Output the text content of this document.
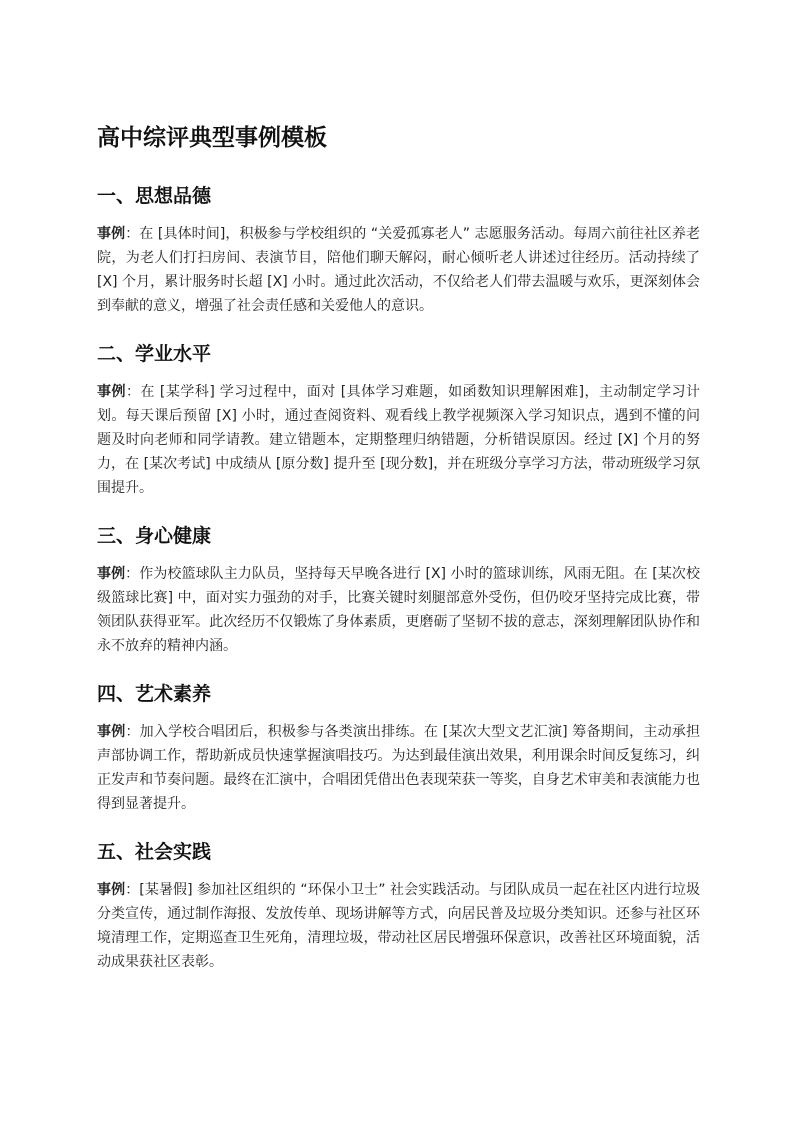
高中综评典型事例模板
一、思想品德

事例：在 [具体时间]，积极参与学校组织的 “关爱孤寡老人” 志愿服务活动。每周六前往社区养老院，为老人们打扫房间、表演节目，陪他们聊天解闷，耐心倾听老人讲述过往经历。活动持续了 [X] 个月，累计服务时长超 [X] 小时。通过此次活动，不仅给老人们带去温暖与欢乐，更深刻体会到奉献的意义，增强了社会责任感和关爱他人的意识。

二、学业水平

事例：在 [某学科] 学习过程中，面对 [具体学习难题，如函数知识理解困难]，主动制定学习计划。每天课后预留 [X] 小时，通过查阅资料、观看线上教学视频深入学习知识点，遇到不懂的问题及时向老师和同学请教。建立错题本，定期整理归纳错题，分析错误原因。经过 [X] 个月的努力，在 [某次考试] 中成绩从 [原分数] 提升至 [现分数]，并在班级分享学习方法，带动班级学习氛围提升。

三、身心健康

事例：作为校篮球队主力队员，坚持每天早晚各进行 [X] 小时的篮球训练，风雨无阻。在 [某次校级篮球比赛] 中，面对实力强劲的对手，比赛关键时刻腿部意外受伤，但仍咬牙坚持完成比赛，带领团队获得亚军。此次经历不仅锻炼了身体素质，更磨砺了坚韧不拔的意志，深刻理解团队协作和永不放弃的精神内涵。

四、艺术素养

事例：加入学校合唱团后，积极参与各类演出排练。在 [某次大型文艺汇演] 筹备期间，主动承担声部协调工作，帮助新成员快速掌握演唱技巧。为达到最佳演出效果，利用课余时间反复练习，纠正发声和节奏问题。最终在汇演中，合唱团凭借出色表现荣获一等奖，自身艺术审美和表演能力也得到显著提升。

五、社会实践

事例：[某暑假] 参加社区组织的 “环保小卫士” 社会实践活动。与团队成员一起在社区内进行垃圾分类宣传，通过制作海报、发放传单、现场讲解等方式，向居民普及垃圾分类知识。还参与社区环境清理工作，定期巡查卫生死角，清理垃圾，带动社区居民增强环保意识，改善社区环境面貌，活动成果获社区表彰。
